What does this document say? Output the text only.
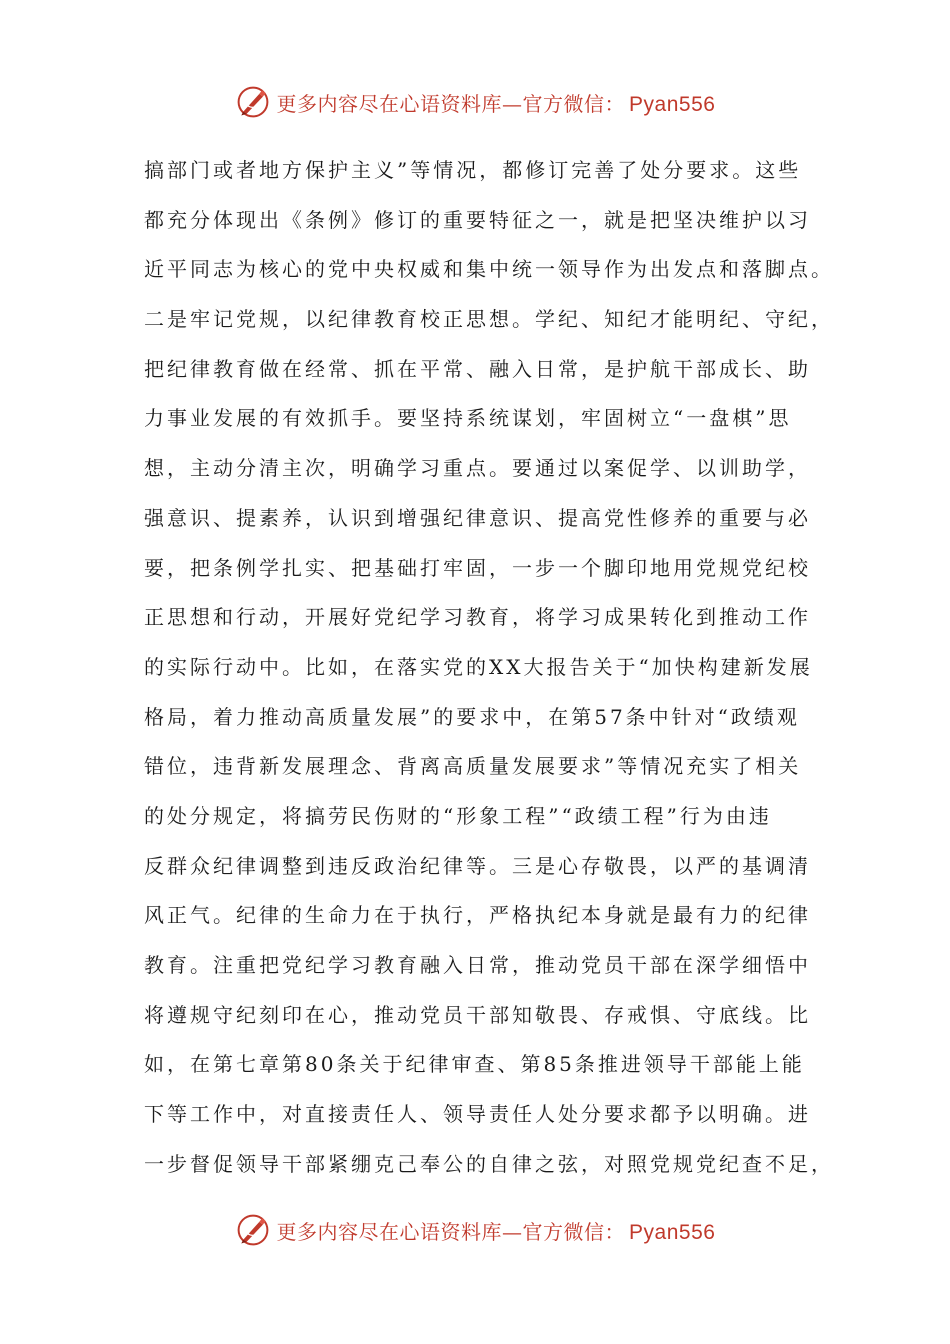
更多内容尽在心语资料库—官方微信： Pyan556
搞部门或者地方保护主义”等情况，都修订完善了处分要求。这些
都充分体现出《条例》修订的重要特征之一，就是把坚决维护以习
近平同志为核心的党中央权威和集中统一领导作为出发点和落脚点。
二是牢记党规，以纪律教育校正思想。学纪、知纪才能明纪、守纪，
把纪律教育做在经常、抓在平常、融入日常，是护航干部成长、助
力事业发展的有效抓手。要坚持系统谋划，牢固树立“一盘棋”思
想，主动分清主次，明确学习重点。要通过以案促学、以训助学，
强意识、提素养，认识到增强纪律意识、提高党性修养的重要与必
要，把条例学扎实、把基础打牢固，一步一个脚印地用党规党纪校
正思想和行动，开展好党纪学习教育，将学习成果转化到推动工作
的实际行动中。比如，在落实党的XX大报告关于“加快构建新发展
格局，着力推动高质量发展”的要求中，在第57条中针对“政绩观
错位，违背新发展理念、背离高质量发展要求”等情况充实了相关
的处分规定，将搞劳民伤财的“形象工程”“政绩工程”行为由违
反群众纪律调整到违反政治纪律等。三是心存敬畏，以严的基调清
风正气。纪律的生命力在于执行，严格执纪本身就是最有力的纪律
教育。注重把党纪学习教育融入日常，推动党员干部在深学细悟中
将遵规守纪刻印在心，推动党员干部知敬畏、存戒惧、守底线。比
如，在第七章第80条关于纪律审查、第85条推进领导干部能上能
下等工作中，对直接责任人、领导责任人处分要求都予以明确。进
一步督促领导干部紧绷克己奉公的自律之弦，对照党规党纪查不足，
更多内容尽在心语资料库—官方微信： Pyan556
